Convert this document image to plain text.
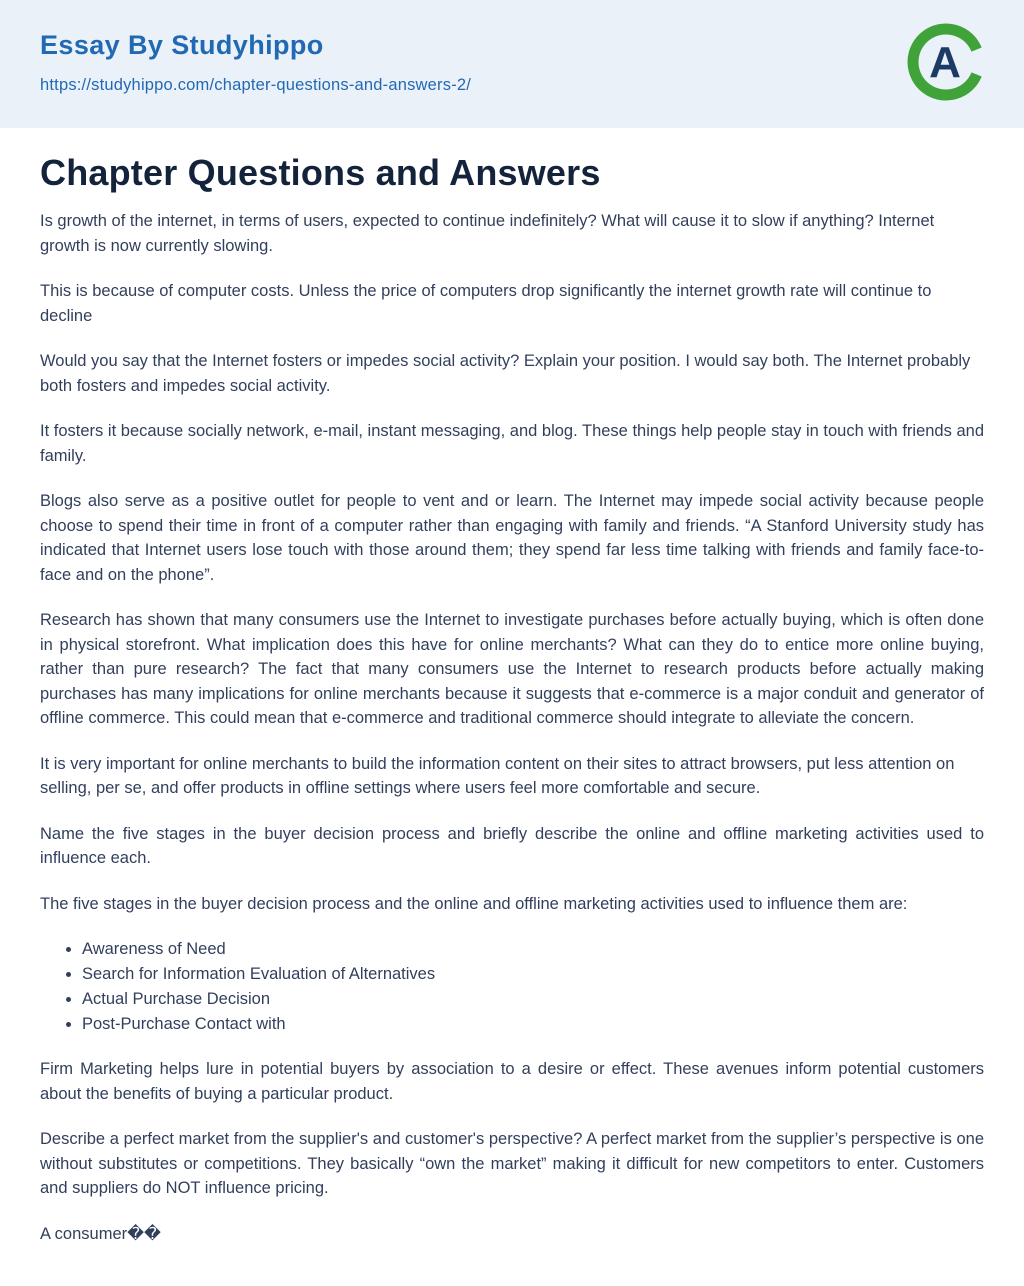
Essay By Studyhippo
https://studyhippo.com/chapter-questions-and-answers-2/	A
Chapter Questions and Answers

Is growth of the internet, in terms of users, expected to continue indefinitely? What will cause it to slow if anything? Internet growth is now currently slowing.

This is because of computer costs. Unless the price of computers drop significantly the internet growth rate will continue to decline

Would you say that the Internet fosters or impedes social activity? Explain your position. I would say both. The Internet probably both fosters and impedes social activity.

It fosters it because socially network, e-mail, instant messaging, and blog. These things help people stay in touch with friends and family.

Blogs also serve as a positive outlet for people to vent and or learn. The Internet may impede social activity because people choose to spend their time in front of a computer rather than engaging with family and friends. “A Stanford University study has indicated that Internet users lose touch with those around them; they spend far less time talking with friends and family face-to-face and on the phone”.

Research has shown that many consumers use the Internet to investigate purchases before actually buying, which is often done in physical storefront. What implication does this have for online merchants? What can they do to entice more online buying, rather than pure research? The fact that many consumers use the Internet to research products before actually making purchases has many implications for online merchants because it suggests that e-commerce is a major conduit and generator of offline commerce. This could mean that e-commerce and traditional commerce should integrate to alleviate the concern.

It is very important for online merchants to build the information content on their sites to attract browsers, put less attention on selling, per se, and offer products in offline settings where users feel more comfortable and secure.

Name the five stages in the buyer decision process and briefly describe the online and offline marketing activities used to influence each.

The five stages in the buyer decision process and the online and offline marketing activities used to influence them are:

• Awareness of Need
• Search for Information Evaluation of Alternatives
• Actual Purchase Decision
• Post-Purchase Contact with

Firm Marketing helps lure in potential buyers by association to a desire or effect. These avenues inform potential customers about the benefits of buying a particular product.

Describe a perfect market from the supplier's and customer's perspective? A perfect market from the supplier’s perspective is one without substitutes or competitions. They basically “own the market” making it difficult for new competitors to enter. Customers and suppliers do NOT influence pricing.

A consumer��
